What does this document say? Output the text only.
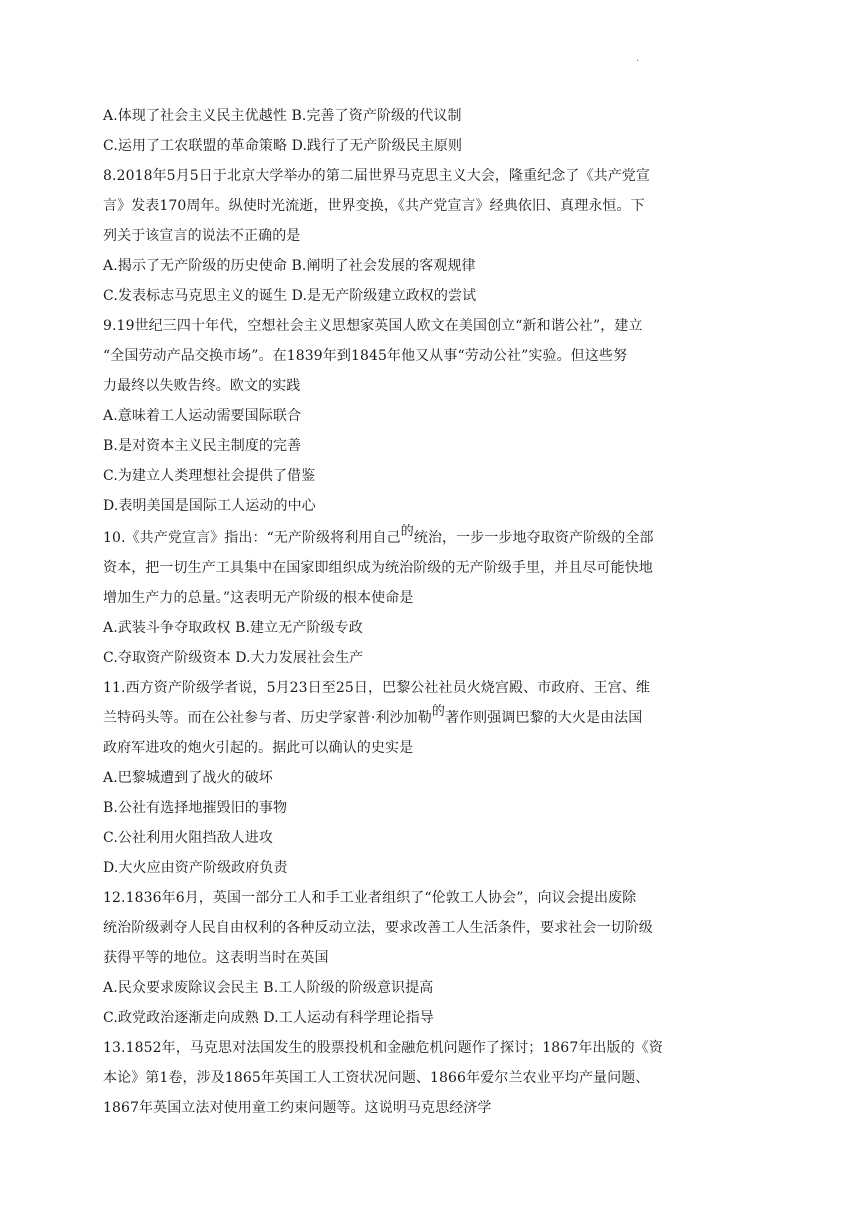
·
A.体现了社会主义民主优越性 B.完善了资产阶级的代议制
C.运用了工农联盟的革命策略 D.践行了无产阶级民主原则
8.2018年5月5日于北京大学举办的第二届世界马克思主义大会，隆重纪念了《共产党宣
言》发表170周年。纵使时光流逝，世界变换，《共产党宣言》经典依旧、真理永恒。下
列关于该宣言的说法不正确的是
A.揭示了无产阶级的历史使命 B.阐明了社会发展的客观规律
C.发表标志马克思主义的诞生 D.是无产阶级建立政权的尝试
9.19世纪三四十年代，空想社会主义思想家英国人欧文在美国创立“新和谐公社”，建立
“全国劳动产品交换市场”。在1839年到1845年他又从事“劳动公社”实验。但这些努
力最终以失败告终。欧文的实践
A.意味着工人运动需要国际联合
B.是对资本主义民主制度的完善
C.为建立人类理想社会提供了借鉴
D.表明美国是国际工人运动的中心
10.《共产党宣言》指出：“无产阶级将利用自己的统治，一步一步地夺取资产阶级的全部
资本，把一切生产工具集中在国家即组织成为统治阶级的无产阶级手里，并且尽可能快地
增加生产力的总量。”这表明无产阶级的根本使命是
A.武装斗争夺取政权 B.建立无产阶级专政
C.夺取资产阶级资本 D.大力发展社会生产
11.西方资产阶级学者说，5月23日至25日，巴黎公社社员火烧宫殿、市政府、王宫、维
兰特码头等。而在公社参与者、历史学家普·利沙加勒的著作则强调巴黎的大火是由法国
政府军进攻的炮火引起的。据此可以确认的史实是
A.巴黎城遭到了战火的破坏
B.公社有选择地摧毁旧的事物
C.公社利用火阻挡敌人进攻
D.大火应由资产阶级政府负责
12.1836年6月，英国一部分工人和手工业者组织了“伦敦工人协会”，向议会提出废除
统治阶级剥夺人民自由权利的各种反动立法，要求改善工人生活条件，要求社会一切阶级
获得平等的地位。这表明当时在英国
A.民众要求废除议会民主 B.工人阶级的阶级意识提高
C.政党政治逐渐走向成熟 D.工人运动有科学理论指导
13.1852年，马克思对法国发生的股票投机和金融危机问题作了探讨；1867年出版的《资
本论》第1卷，涉及1865年英国工人工资状况问题、1866年爱尔兰农业平均产量问题、
1867年英国立法对使用童工约束问题等。这说明马克思经济学
